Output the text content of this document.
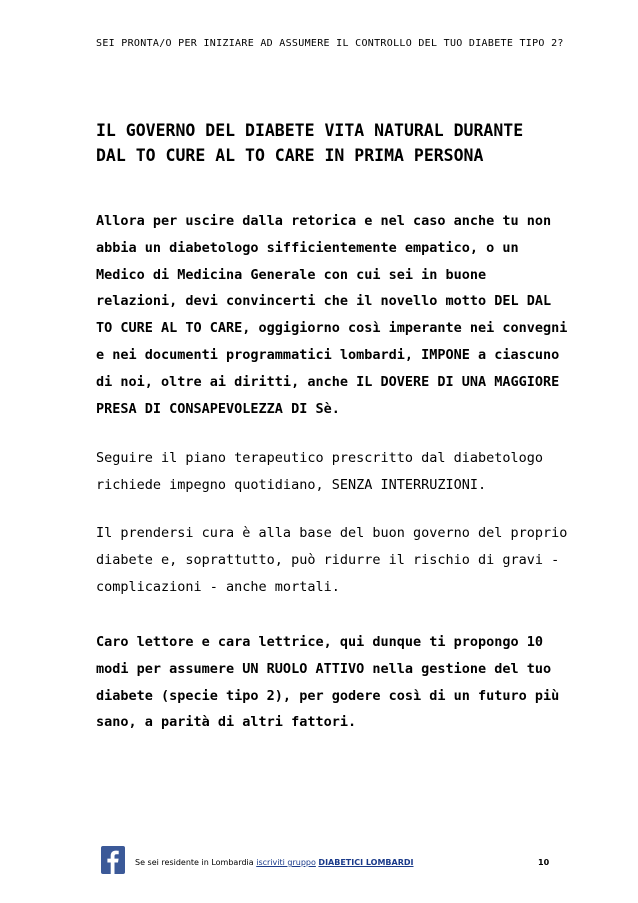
SEI PRONTA/O PER INIZIARE AD ASSUMERE IL CONTROLLO DEL TUO DIABETE TIPO 2?
IL GOVERNO DEL DIABETE VITA NATURAL DURANTE
DAL TO CURE AL TO CARE IN PRIMA PERSONA
Allora per uscire dalla retorica e nel caso anche tu non
abbia un diabetologo sifficientemente empatico, o un
Medico di Medicina Generale con cui sei in buone
relazioni, devi convincerti che il novello motto DEL DAL
TO CURE AL TO CARE, oggigiorno così imperante nei convegni
e nei documenti programmatici lombardi, IMPONE a ciascuno
di noi, oltre ai diritti, anche IL DOVERE DI UNA MAGGIORE
PRESA DI CONSAPEVOLEZZA DI Sè.
Seguire il piano terapeutico prescritto dal diabetologo
richiede impegno quotidiano, SENZA INTERRUZIONI.
Il prendersi cura è alla base del buon governo del proprio
diabete e, soprattutto, può ridurre il rischio di gravi -
complicazioni - anche mortali.
Caro lettore e cara lettrice, qui dunque ti propongo 10
modi per assumere UN RUOLO ATTIVO nella gestione del tuo
diabete (specie tipo 2), per godere così di un futuro più
sano, a parità di altri fattori.
Se sei residente in Lombardia iscriviti gruppo DIABETICI LOMBARDI	10
